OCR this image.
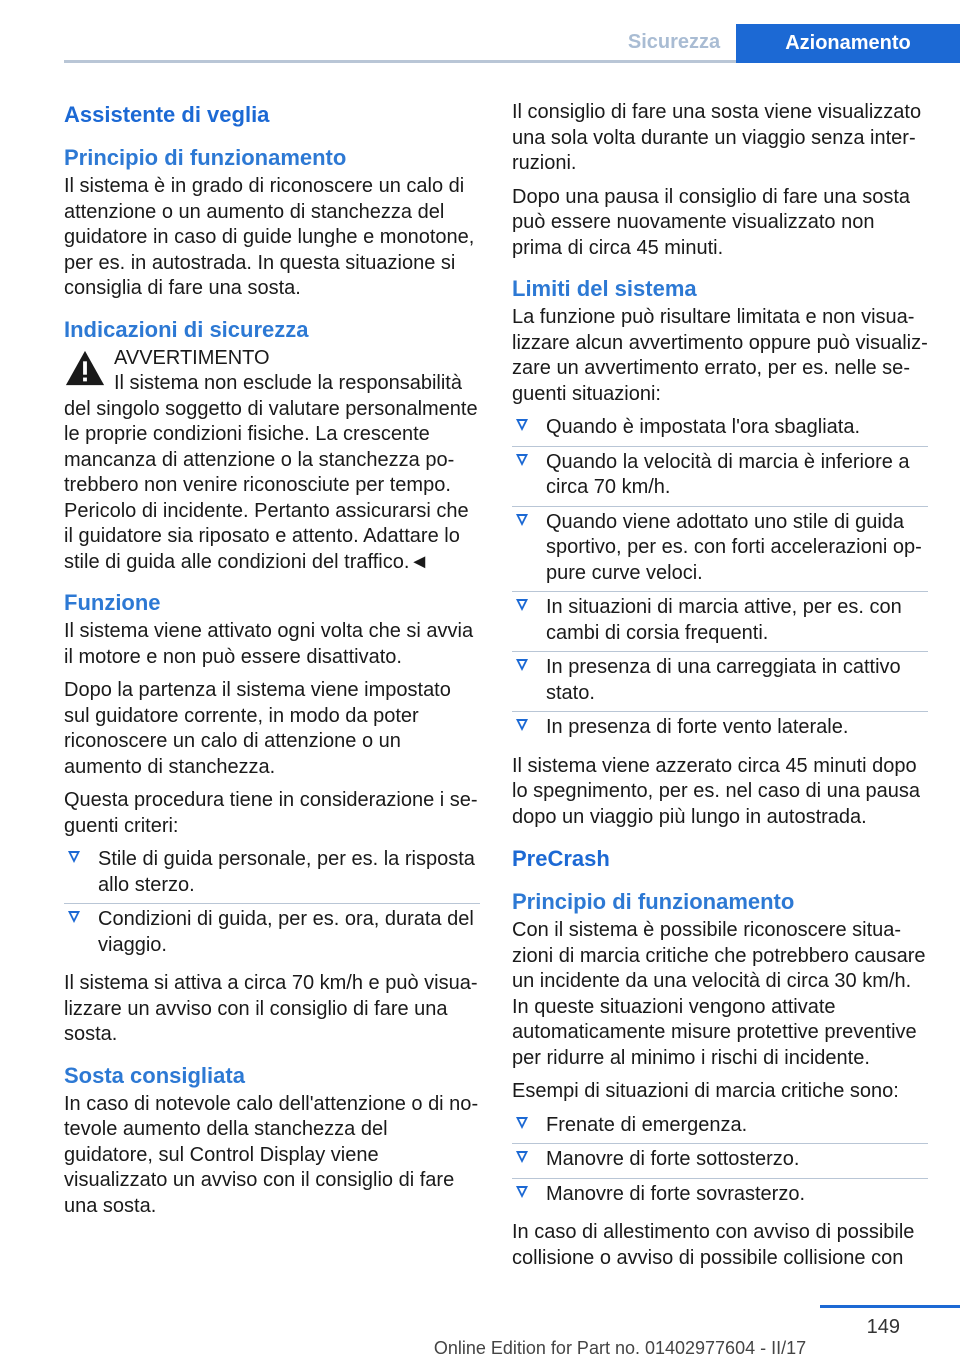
Sicurezza	Azionamento
Assistente di veglia
Principio di funzionamento

Il sistema è in grado di riconoscere un calo di attenzione o un aumento di stanchezza del guidatore in caso di guide lunghe e monotone, per es. in autostrada. In questa situazione si consiglia di fare una sosta.

Indicazioni di sicurezza
AVVERTIMENTO

Il sistema non esclude la responsabilità del singolo soggetto di valutare personalmente le proprie condizioni fisiche. La crescente mancanza di attenzione o la stanchezza potrebbero non venire riconosciute per tempo. Pericolo di incidente. Pertanto assicurarsi che il guidatore sia riposato e attento. Adattare lo stile di guida alle condizioni del traffico.◄

Funzione

Il sistema viene attivato ogni volta che si avvia il motore e non può essere disattivato.

Dopo la partenza il sistema viene impostato sul guidatore corrente, in modo da poter riconoscere un calo di attenzione o un aumento di stanchezza.

Questa procedura tiene in considerazione i seguenti criteri:

Stile di guida personale, per es. la risposta allo sterzo.
Condizioni di guida, per es. ora, durata del viaggio.

Il sistema si attiva a circa 70 km/h e può visualizzare un avviso con il consiglio di fare una sosta.

Sosta consigliata

In caso di notevole calo dell'attenzione o di notevole aumento della stanchezza del guidatore, sul Control Display viene visualizzato un avviso con il consiglio di fare una sosta.

Il consiglio di fare una sosta viene visualizzato una sola volta durante un viaggio senza interruzioni.

Dopo una pausa il consiglio di fare una sosta può essere nuovamente visualizzato non prima di circa 45 minuti.

Limiti del sistema

La funzione può risultare limitata e non visualizzare alcun avvertimento oppure può visualizzare un avvertimento errato, per es. nelle seguenti situazioni:

Quando è impostata l'ora sbagliata.
Quando la velocità di marcia è inferiore a circa 70 km/h.
Quando viene adottato uno stile di guida sportivo, per es. con forti accelerazioni oppure curve veloci.
In situazioni di marcia attive, per es. con cambi di corsia frequenti.
In presenza di una carreggiata in cattivo stato.
In presenza di forte vento laterale.

Il sistema viene azzerato circa 45 minuti dopo lo spegnimento, per es. nel caso di una pausa dopo un viaggio più lungo in autostrada.

PreCrash
Principio di funzionamento

Con il sistema è possibile riconoscere situazioni di marcia critiche che potrebbero causare un incidente da una velocità di circa 30 km/h. In queste situazioni vengono attivate automaticamente misure protettive preventive per ridurre al minimo i rischi di incidente.

Esempi di situazioni di marcia critiche sono:

Frenate di emergenza.
Manovre di forte sottosterzo.
Manovre di forte sovrasterzo.

In caso di allestimento con avviso di possibile collisione o avviso di possibile collisione con

149
Online Edition for Part no. 01402977604 - II/17
